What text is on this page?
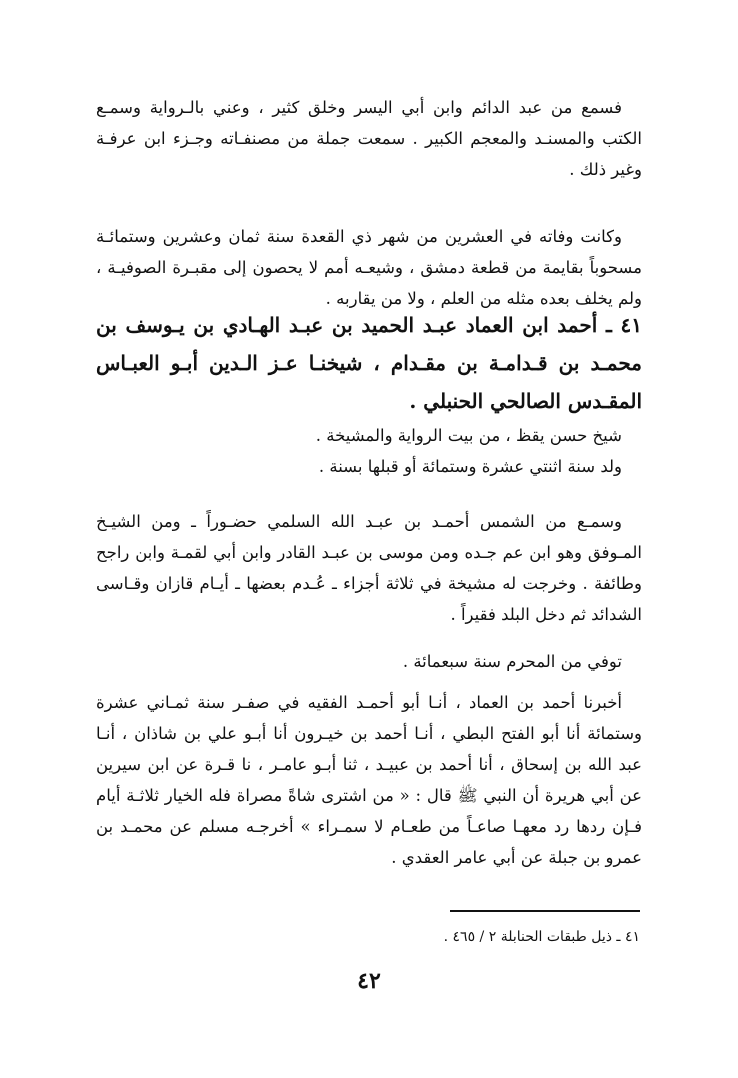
فسمع من عبد الدائم وابن أبي اليسر وخلق كثير ، وعني بالـرواية وسمـع الكتب والمسنـد والمعجم الكبير . سمعت جملة من مصنفـاته وجـزء ابن عرفـة وغير ذلك .

وكانت وفاته في العشرين من شهر ذي القعدة سنة ثمان وعشرين وستمائـة مسحوباً بقايمة من قطعة دمشق ، وشيعـه أمم لا يحصون إلى مقبـرة الصوفيـة ، ولم يخلف بعده مثله من العلم ، ولا من يقاربه .

٤١ ـ أحمد ابن العماد عبـد الحميد بن عبـد الهـادي بن يـوسف بن محمـد بن قـدامـة بن مقـدام ، شيخنـا عـز الـدين أبـو العبـاس المقـدس الصالحي الحنبلي .

شيخ حسن يقظ ، من بيت الرواية والمشيخة .

ولد سنة اثنتي عشرة وستمائة أو قبلها بسنة .

وسمـع من الشمس أحمـد بن عبـد الله السلمي حضـوراً ـ ومن الشيـخ المـوفق وهو ابن عم جـده ومن موسى بن عبـد القادر وابن أبي لقمـة وابن راجح وطائفة . وخرجت له مشيخة في ثلاثة أجزاء ـ عُـدم بعضها ـ أيـام قازان وقـاسى الشدائد ثم دخل البلد فقيراً .

توفي من المحرم سنة سبعمائة .

أخبرنا أحمد بن العماد ، أنـا أبو أحمـد الفقيه في صفـر سنة ثمـاني عشرة وستمائة أنا أبو الفتح البطي ، أنـا أحمد بن خيـرون أنا أبـو علي بن شاذان ، أنـا عبد الله بن إسحاق ، أنا أحمد بن عبيـد ، ثنا أبـو عامـر ، نا قـرة عن ابن سيرين عن أبي هريرة أن النبي ﷺ قال : « من اشترى شاةً مصراة فله الخيار ثلاثـة أيام فـإن ردها رد معهـا صاعـاً من طعـام لا سمـراء » أخرجـه مسلم عن محمـد بن عمرو بن جبلة عن أبي عامر العقدي .

٤١ ـ ذيل طبقات الحنابلة ٢ / ٤٦٥ .
٤٢
